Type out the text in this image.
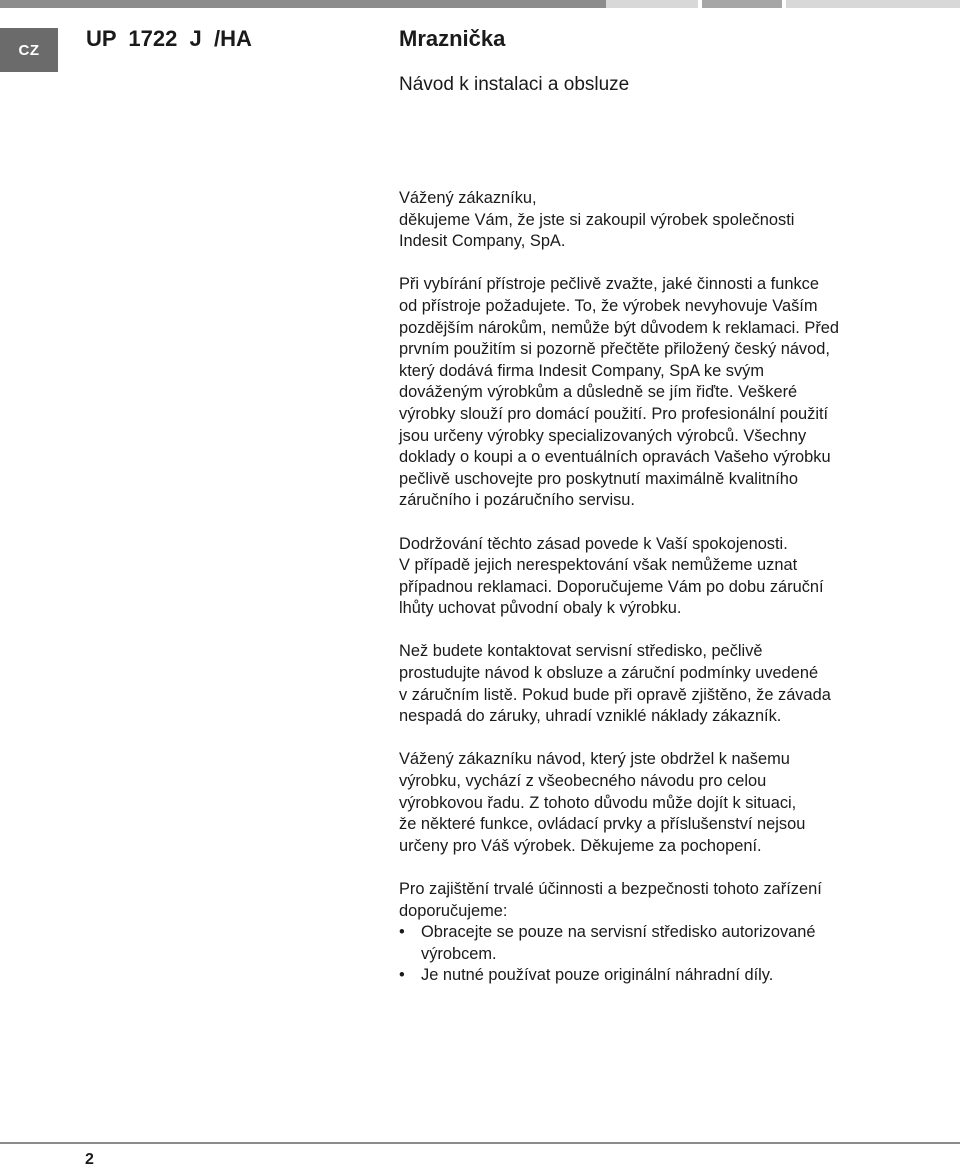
CZ	UP  1722  J  /HA	Mraznička
Návod k instalaci a obsluze

Vážený zákazníku,
děkujeme Vám, že jste si zakoupil výrobek společnosti
Indesit Company, SpA.

Při vybírání přístroje pečlivě zvažte, jaké činnosti a funkce
od přístroje požadujete. To, že výrobek nevyhovuje Vaším
pozdějším nárokům, nemůže být důvodem k reklamaci. Před
prvním použitím si pozorně přečtěte přiložený český návod,
který dodává firma Indesit Company, SpA ke svým
dováženým výrobkům a důsledně se jím řiďte. Veškeré
výrobky slouží pro domácí použití. Pro profesionální použití
jsou určeny výrobky specializovaných výrobců. Všechny
doklady o koupi a o eventuálních opravách Vašeho výrobku
pečlivě uschovejte pro poskytnutí maximálně kvalitního
záručního i pozáručního servisu.

Dodržování těchto zásad povede k Vaší spokojenosti.
V případě jejich nerespektování však nemůžeme uznat
případnou reklamaci. Doporučujeme Vám po dobu záruční
lhůty uchovat původní obaly k výrobku.

Než budete kontaktovat servisní středisko, pečlivě
prostudujte návod k obsluze a záruční podmínky uvedené
v záručním listě. Pokud bude při opravě zjištěno, že závada
nespadá do záruky, uhradí vzniklé náklady zákazník.

Vážený zákazníku návod, který jste obdržel k našemu
výrobku, vychází z všeobecného návodu pro celou
výrobkovou řadu. Z tohoto důvodu může dojít k situaci,
že některé funkce, ovládací prvky a příslušenství nejsou
určeny pro Váš výrobek. Děkujeme za pochopení.

Pro zajištění trvalé účinnosti a bezpečnosti tohoto zařízení
doporučujeme:

• Obracejte se pouze na servisní středisko autorizované
výrobcem.
• Je nutné používat pouze originální náhradní díly.
2
